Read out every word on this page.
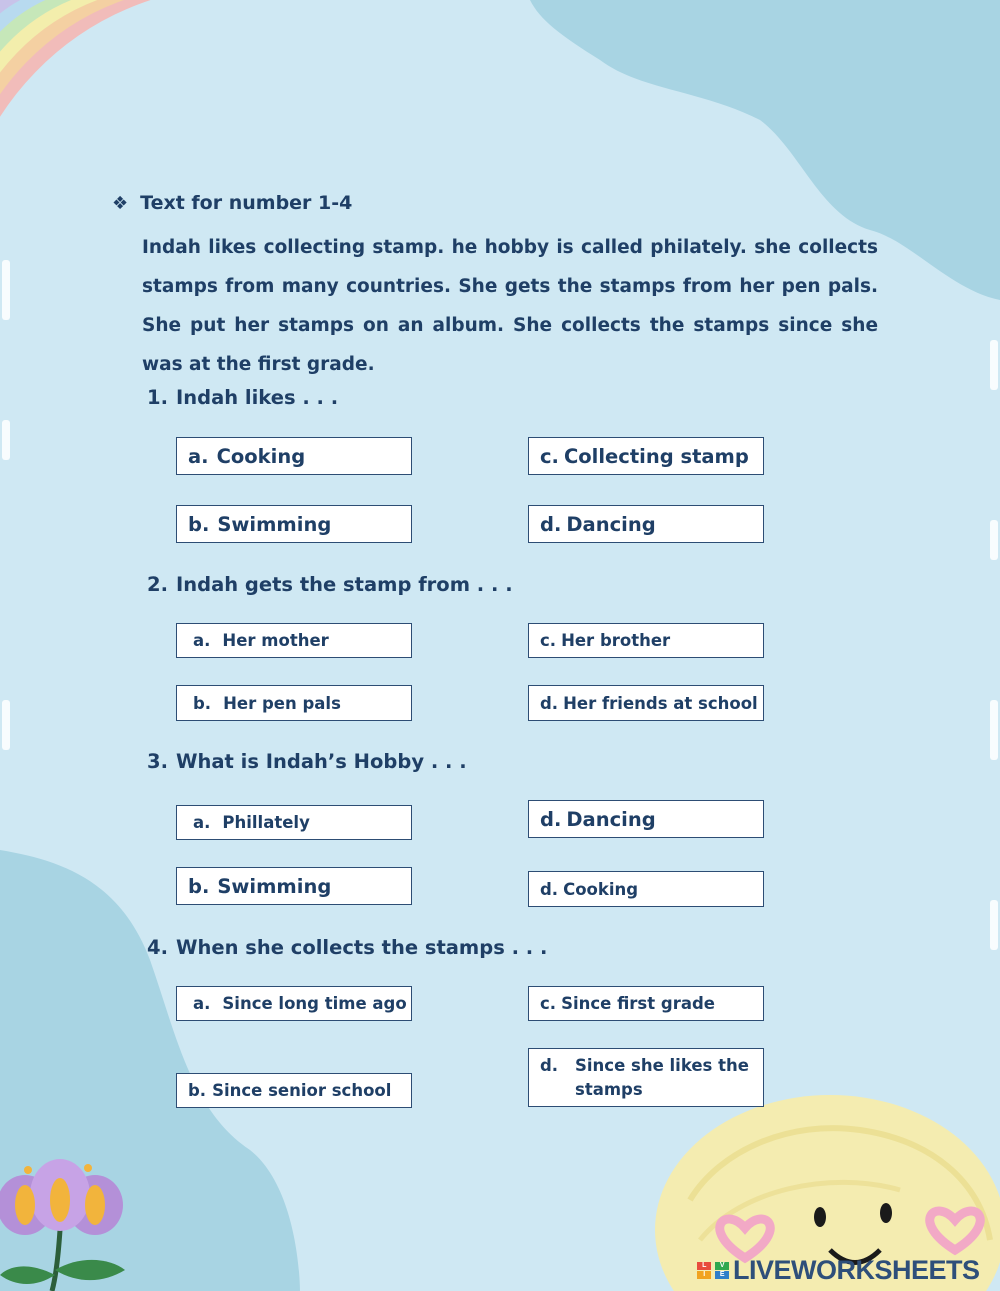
❖ Text for number 1-4
Indah likes collecting stamp. he hobby is called philately. she collects stamps from many countries. She gets the stamps from her pen pals. She put her stamps on an album. She collects the stamps since she was at the first grade.
1. Indah likes . . .
a. Cooking
b. Swimming
c. Collecting stamp
d. Dancing
2. Indah gets the stamp from . . .
a. Her mother
b. Her pen pals
c. Her brother
d. Her friends at school
3. What is Indah’s Hobby . . .
a. Phillately
b. Swimming
d. Dancing
d. Cooking
4. When she collects the stamps . . .
a. Since long time ago
b. Since senior school
c. Since first grade
d.	Since she likes the
stamps
L
I
V
E LIVEWORKSHEETS
